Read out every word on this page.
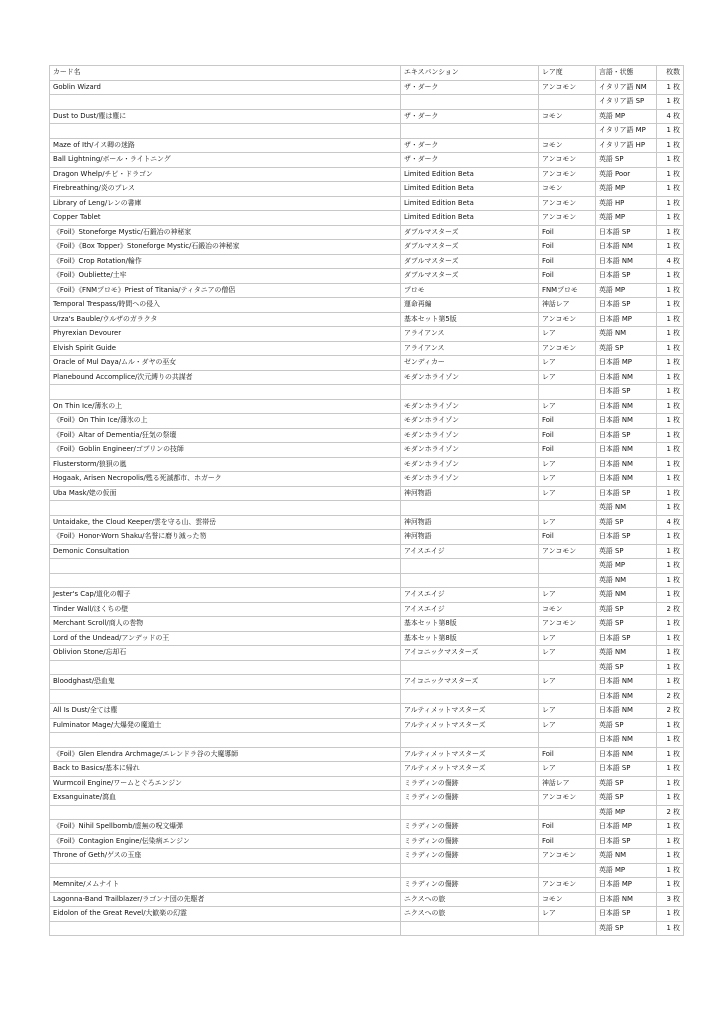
カード名	エキスパンション	レア度	言語・状態	枚数
Goblin Wizard	ザ・ダーク	アンコモン	イタリア語 NM	1 枚
			イタリア語 SP	1 枚
Dust to Dust/塵は塵に	ザ・ダーク	コモン	英語 MP	4 枚
			イタリア語 MP	1 枚
Maze of Ith/イス卿の迷路	ザ・ダーク	コモン	イタリア語 HP	1 枚
Ball Lightning/ボール・ライトニング	ザ・ダーク	アンコモン	英語 SP	1 枚
Dragon Whelp/チビ・ドラゴン	Limited Edition Beta	アンコモン	英語 Poor	1 枚
Firebreathing/炎のブレス	Limited Edition Beta	コモン	英語 MP	1 枚
Library of Leng/レンの書庫	Limited Edition Beta	アンコモン	英語 HP	1 枚
Copper Tablet	Limited Edition Beta	アンコモン	英語 MP	1 枚
《Foil》Stoneforge Mystic/石鍛冶の神秘家	ダブルマスターズ	Foil	日本語 SP	1 枚
《Foil》《Box Topper》Stoneforge Mystic/石鍛冶の神秘家	ダブルマスターズ	Foil	日本語 NM	1 枚
《Foil》Crop Rotation/輪作	ダブルマスターズ	Foil	日本語 NM	4 枚
《Foil》Oubliette/土牢	ダブルマスターズ	Foil	日本語 SP	1 枚
《Foil》《FNMプロモ》Priest of Titania/ティタニアの僧侶	プロモ	FNMプロモ	英語 MP	1 枚
Temporal Trespass/時間への侵入	運命再編	神話レア	日本語 SP	1 枚
Urza's Bauble/ウルザのガラクタ	基本セット第5版	アンコモン	日本語 MP	1 枚
Phyrexian Devourer	アライアンス	レア	英語 NM	1 枚
Elvish Spirit Guide	アライアンス	アンコモン	英語 SP	1 枚
Oracle of Mul Daya/ムル・ダヤの巫女	ゼンディカー	レア	日本語 MP	1 枚
Planebound Accomplice/次元縛りの共謀者	モダンホライゾン	レア	日本語 NM	1 枚
			日本語 SP	1 枚
On Thin Ice/薄氷の上	モダンホライゾン	レア	日本語 NM	1 枚
《Foil》On Thin Ice/薄氷の上	モダンホライゾン	Foil	日本語 NM	1 枚
《Foil》Altar of Dementia/狂気の祭壇	モダンホライゾン	Foil	日本語 SP	1 枚
《Foil》Goblin Engineer/ゴブリンの技師	モダンホライゾン	Foil	日本語 NM	1 枚
Flusterstorm/狼狽の嵐	モダンホライゾン	レア	日本語 NM	1 枚
Hogaak, Arisen Necropolis/甦る死滅都市、ホガーク	モダンホライゾン	レア	日本語 NM	1 枚
Uba Mask/姥の仮面	神河物語	レア	日本語 SP	1 枚
			英語 NM	1 枚
Untaidake, the Cloud Keeper/雲を守る山、雲帯岳	神河物語	レア	英語 SP	4 枚
《Foil》Honor-Worn Shaku/名誉に磨り減った笏	神河物語	Foil	日本語 SP	1 枚
Demonic Consultation	アイスエイジ	アンコモン	英語 SP	1 枚
			英語 MP	1 枚
			英語 NM	1 枚
Jester's Cap/道化の帽子	アイスエイジ	レア	英語 NM	1 枚
Tinder Wall/ほくちの壁	アイスエイジ	コモン	英語 SP	2 枚
Merchant Scroll/商人の巻物	基本セット第8版	アンコモン	英語 SP	1 枚
Lord of the Undead/アンデッドの王	基本セット第8版	レア	日本語 SP	1 枚
Oblivion Stone/忘却石	アイコニックマスターズ	レア	英語 NM	1 枚
			英語 SP	1 枚
Bloodghast/恐血鬼	アイコニックマスターズ	レア	日本語 NM	1 枚
			日本語 NM	2 枚
All Is Dust/全ては塵	アルティメットマスターズ	レア	日本語 NM	2 枚
Fulminator Mage/大爆発の魔道士	アルティメットマスターズ	レア	英語 SP	1 枚
			日本語 NM	1 枚
《Foil》Glen Elendra Archmage/エレンドラ谷の大魔導師	アルティメットマスターズ	Foil	日本語 NM	1 枚
Back to Basics/基本に帰れ	アルティメットマスターズ	レア	日本語 SP	1 枚
Wurmcoil Engine/ワームとぐろエンジン	ミラディンの傷跡	神話レア	英語 SP	1 枚
Exsanguinate/瀉血	ミラディンの傷跡	アンコモン	英語 SP	1 枚
			英語 MP	2 枚
《Foil》Nihil Spellbomb/虚無の呪文爆弾	ミラディンの傷跡	Foil	日本語 MP	1 枚
《Foil》Contagion Engine/伝染病エンジン	ミラディンの傷跡	Foil	日本語 SP	1 枚
Throne of Geth/ゲスの玉座	ミラディンの傷跡	アンコモン	英語 NM	1 枚
			英語 MP	1 枚
Memnite/メムナイト	ミラディンの傷跡	アンコモン	日本語 MP	1 枚
Lagonna-Band Trailblazer/ラゴンナ団の先駆者	ニクスへの旅	コモン	日本語 NM	3 枚
Eidolon of the Great Revel/大歓楽の幻霊	ニクスへの旅	レア	日本語 SP	1 枚
			英語 SP	1 枚
